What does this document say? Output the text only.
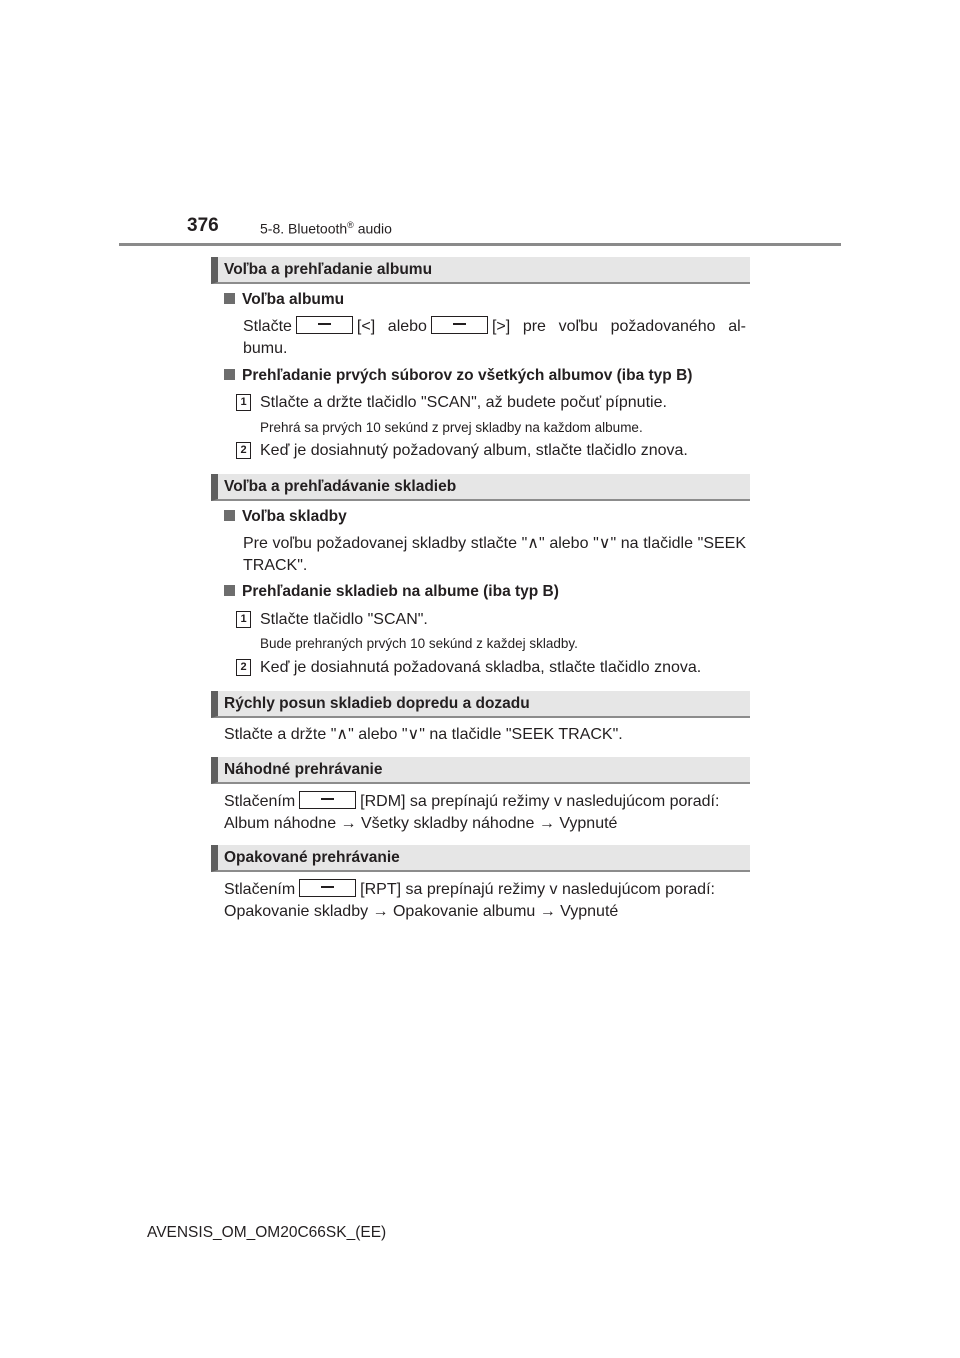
376	5-8. Bluetooth® audio
Voľba a prehľadanie albumu
Voľba albumu
Stlačte	[<] alebo	[>] pre voľbu požadovaného al-bumu.
Prehľadanie prvých súborov zo všetkých albumov (iba typ B)
1 Stlačte a držte tlačidlo "SCAN", až budete počuť pípnutie.
Prehrá sa prvých 10 sekúnd z prvej skladby na každom albume.
2 Keď je dosiahnutý požadovaný album, stlačte tlačidlo znova.
Voľba a prehľadávanie skladieb
Voľba skladby
Pre voľbu požadovanej skladby stlačte "∧" alebo "∨" na tlačidle "SEEK TRACK".
Prehľadanie skladieb na albume (iba typ B)
1 Stlačte tlačidlo "SCAN".
Bude prehraných prvých 10 sekúnd z každej skladby.
2 Keď je dosiahnutá požadovaná skladba, stlačte tlačidlo znova.
Rýchly posun skladieb dopredu a dozadu
Stlačte a držte "∧" alebo "∨" na tlačidle "SEEK TRACK".
Náhodné prehrávanie
Stlačením	[RDM] sa prepínajú režimy v nasledujúcom poradí:
Album náhodne → Všetky skladby náhodne → Vypnuté
Opakované prehrávanie
Stlačením	[RPT] sa prepínajú režimy v nasledujúcom poradí:
Opakovanie skladby → Opakovanie albumu → Vypnuté
AVENSIS_OM_OM20C66SK_(EE)
